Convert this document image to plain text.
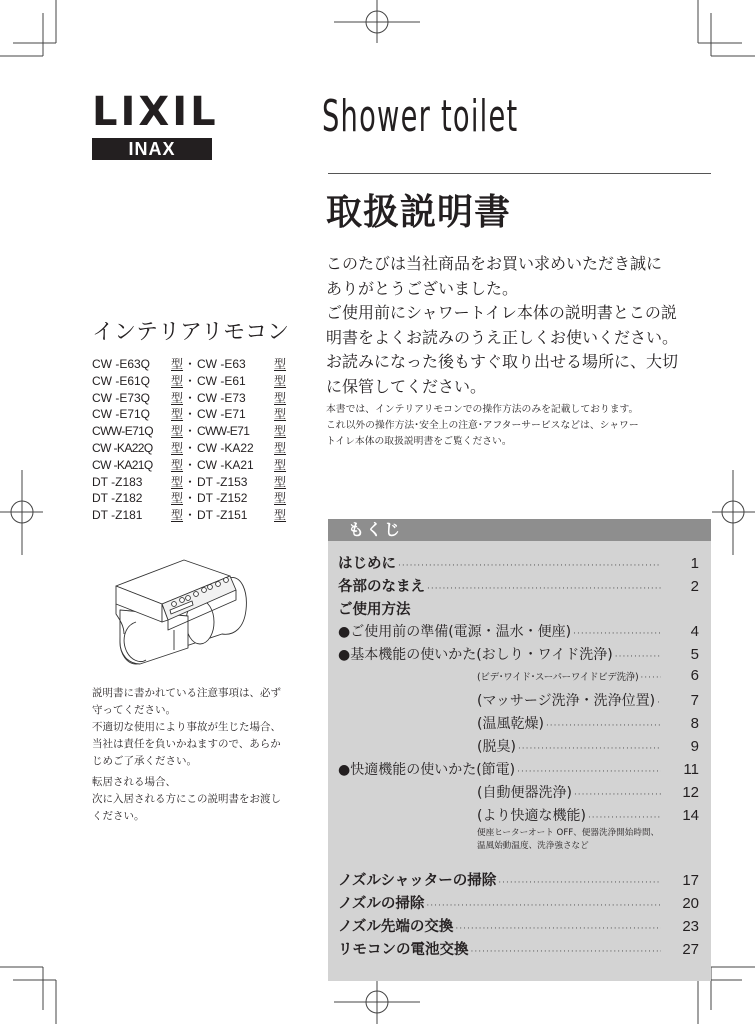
LIXIL
INAX
Shower toilet
取扱説明書

このたびは当社商品をお買い求めいただき誠に

ありがとうございました。

ご使用前にシャワートイレ本体の説明書とこの説

明書をよくお読みのうえ正しくお使いください。

お読みになった後もすぐ取り出せる場所に、大切

に保管してください。

本書では、インテリアリモコンでの操作方法のみを記載しております。

これ以外の操作方法･安全上の注意･アフターサービスなどは、シャワー

トイレ本体の取扱説明書をご覧ください。

インテリアリモコン
CW -E63Q	型 ･ CW -E63	型
CW -E61Q	型 ･ CW -E61	型
CW -E73Q	型 ･ CW -E73	型
CW -E71Q	型 ･ CW -E71	型
CWW-E71Q	型 ･ CWW-E71	型
CW -KA22Q	型 ･ CW -KA22	型
CW -KA21Q	型 ･ CW -KA21	型
DT -Z183	型 ･ DT -Z153	型
DT -Z182	型 ･ DT -Z152	型
DT -Z181	型 ･ DT -Z151	型

説明書に書かれている注意事項は、必ず

守ってください。

不適切な使用により事故が生じた場合、

当社は責任を負いかねますので、あらか

じめご了承ください。

転居される場合、

次に入居される方にこの説明書をお渡し

ください。

もくじ
はじめに ·····	1
各部のなまえ ·····	2
ご使用方法
●ご使用前の準備 (電源・温水・便座) ·····	4
●基本機能の使いかた (おしり・ワイド洗浄) ·····	5
(ビデ･ワイド･スーパーワイドビデ洗浄) ·····	6
(マッサージ洗浄・洗浄位置) ·····	7
(温風乾燥) ·····	8
(脱臭) ·····	9
●快適機能の使いかた (節電) ·····	11
(自動便器洗浄) ·····	12
(より快適な機能) ·····	14
便座ヒーターオート OFF、便器洗浄開始時間、
温風始動温度、洗浄強さなど
ノズルシャッターの掃除 ·····	17
ノズルの掃除 ·····	20
ノズル先端の交換 ·····	23
リモコンの電池交換 ·····	27
